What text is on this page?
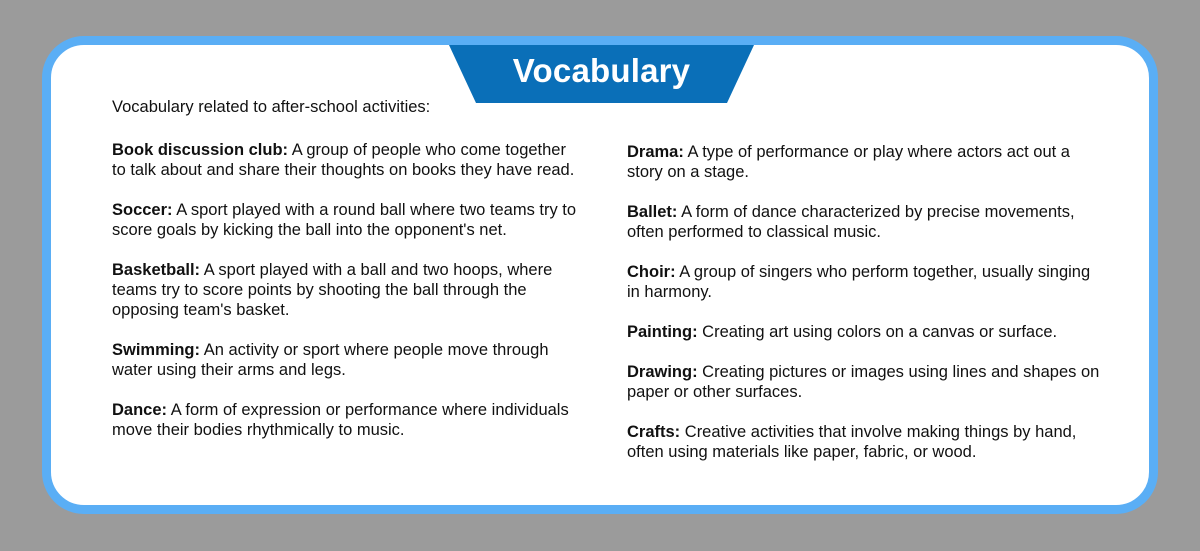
Vocabulary
Vocabulary related to after-school activities:

Book discussion club: A group of people who come together to talk about and share their thoughts on books they have read.

Soccer: A sport played with a round ball where two teams try to score goals by kicking the ball into the opponent's net.

Basketball: A sport played with a ball and two hoops, where teams try to score points by shooting the ball through the opposing team's basket.

Swimming: An activity or sport where people move through water using their arms and legs.

Dance: A form of expression or performance where individuals move their bodies rhythmically to music.

Drama: A type of performance or play where actors act out a story on a stage.

Ballet: A form of dance characterized by precise movements, often performed to classical music.

Choir: A group of singers who perform together, usually singing in harmony.

Painting: Creating art using colors on a canvas or surface.

Drawing: Creating pictures or images using lines and shapes on paper or other surfaces.

Crafts: Creative activities that involve making things by hand, often using materials like paper, fabric, or wood.
